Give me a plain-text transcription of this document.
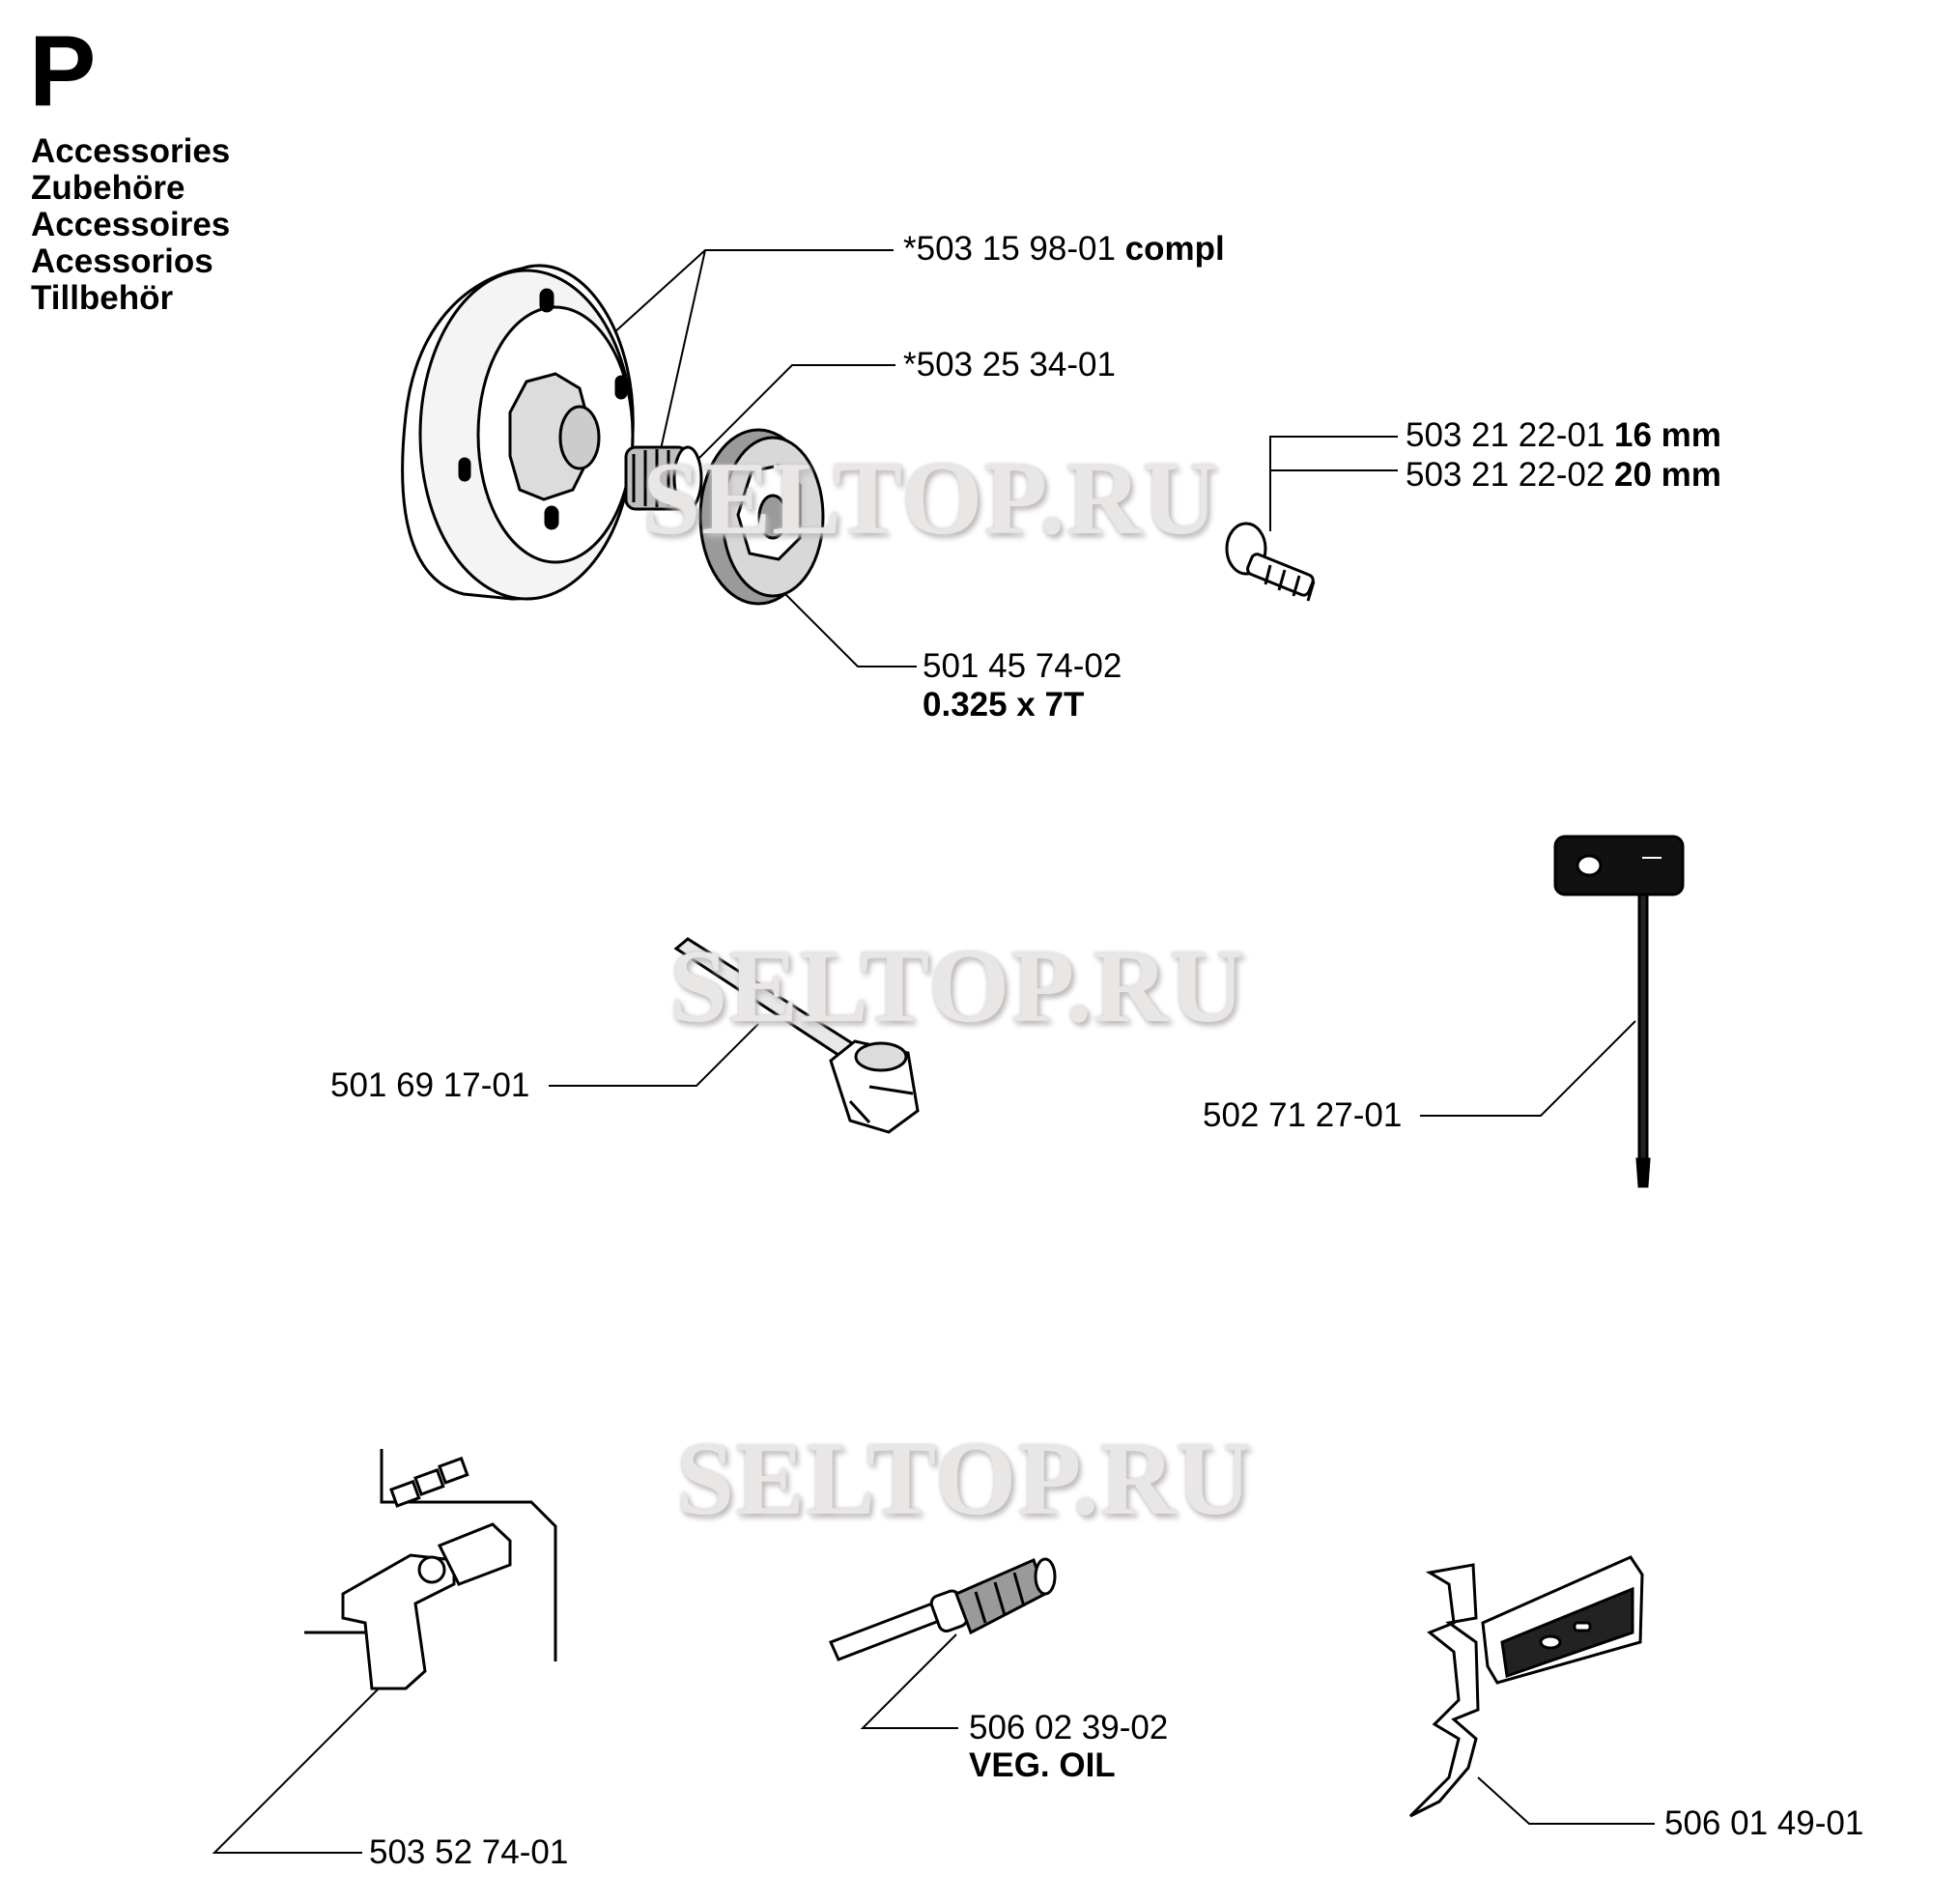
P
Accessories
Zubehöre
Accessoires
Acessorios
Tillbehör
*503 15 98-01 compl
*503 25 34-01
503 21 22-01 16 mm
503 21 22-02 20 mm
501 45 74-02
0.325 x 7T
501 69 17-01
502 71 27-01
506 02 39-02
VEG. OIL
506 01 49-01
503 52 74-01
SELTOP.RU
SELTOP.RU
SELTOP.RU
